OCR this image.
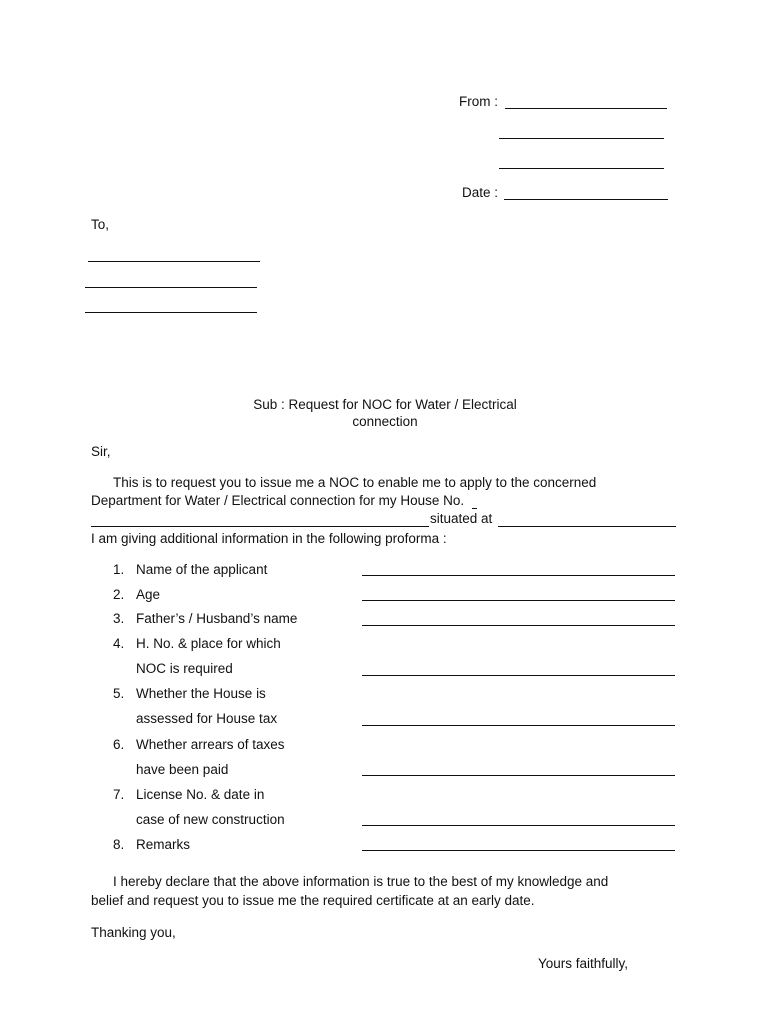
From :
Date :
To,
Sub : Request for NOC for Water / Electrical
connection
Sir,
This is to request you to issue me a NOC to enable me to apply to the concerned
Department for Water / Electrical connection for my House No.
situated at
I am giving additional information in the following proforma :
1. Name of the applicant
2. Age
3. Father’s / Husband’s name
4. H. No. & place for which
NOC is required
5. Whether the House is
assessed for House tax
6. Whether arrears of taxes
have been paid
7. License No. & date in
case of new construction
8. Remarks
I hereby declare that the above information is true to the best of my knowledge and
belief and request you to issue me the required certificate at an early date.
Thanking you,
Yours faithfully,
